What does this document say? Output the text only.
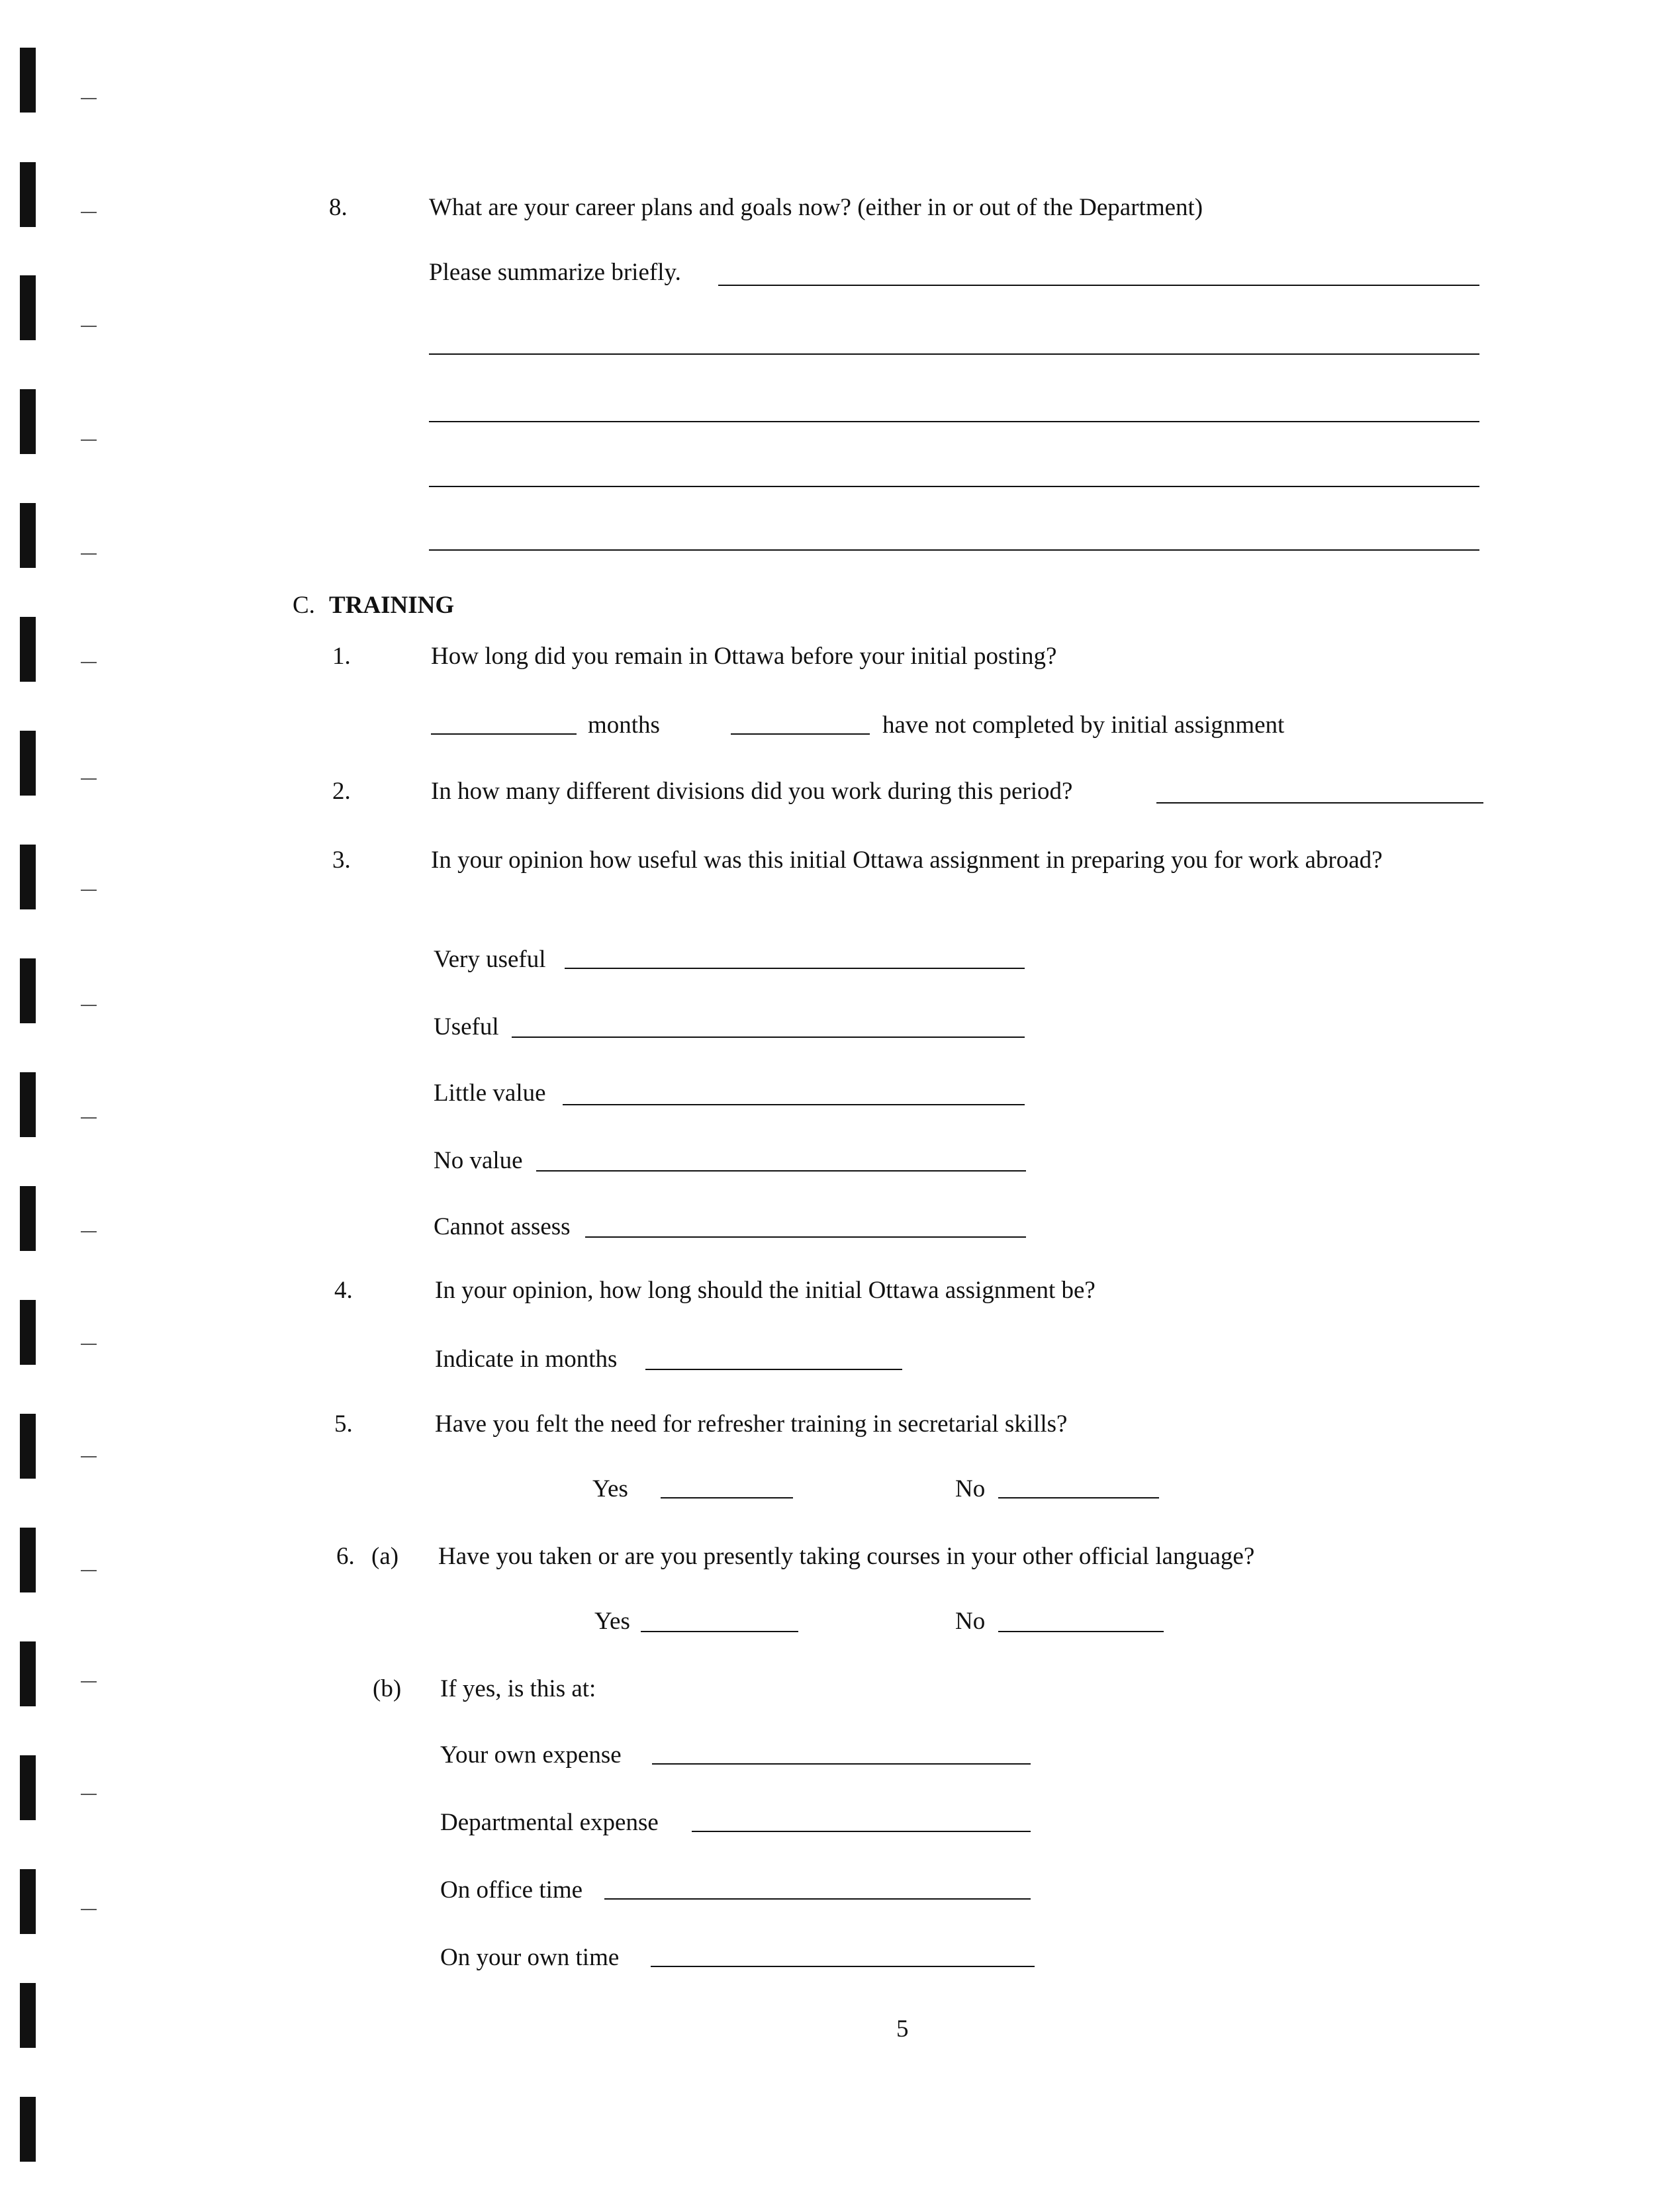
8.	What are your career plans and goals now? (either in or out of the Department)
Please summarize briefly.
C. TRAINING
1.	How long did you remain in Ottawa before your initial posting?
months	have not completed by initial assignment
2.	In how many different divisions did you work during this period?
3.	In your opinion how useful was this initial Ottawa assignment in preparing you for work abroad?
Very useful
Useful
Little value
No value
Cannot assess
4.	In your opinion, how long should the initial Ottawa assignment be?
Indicate in months
5.	Have you felt the need for refresher training in secretarial skills?
Yes	No
6. (a) Have you taken or are you presently taking courses in your other official language?
Yes	No
(b) If yes, is this at:
Your own expense
Departmental expense
On office time
On your own time
5
